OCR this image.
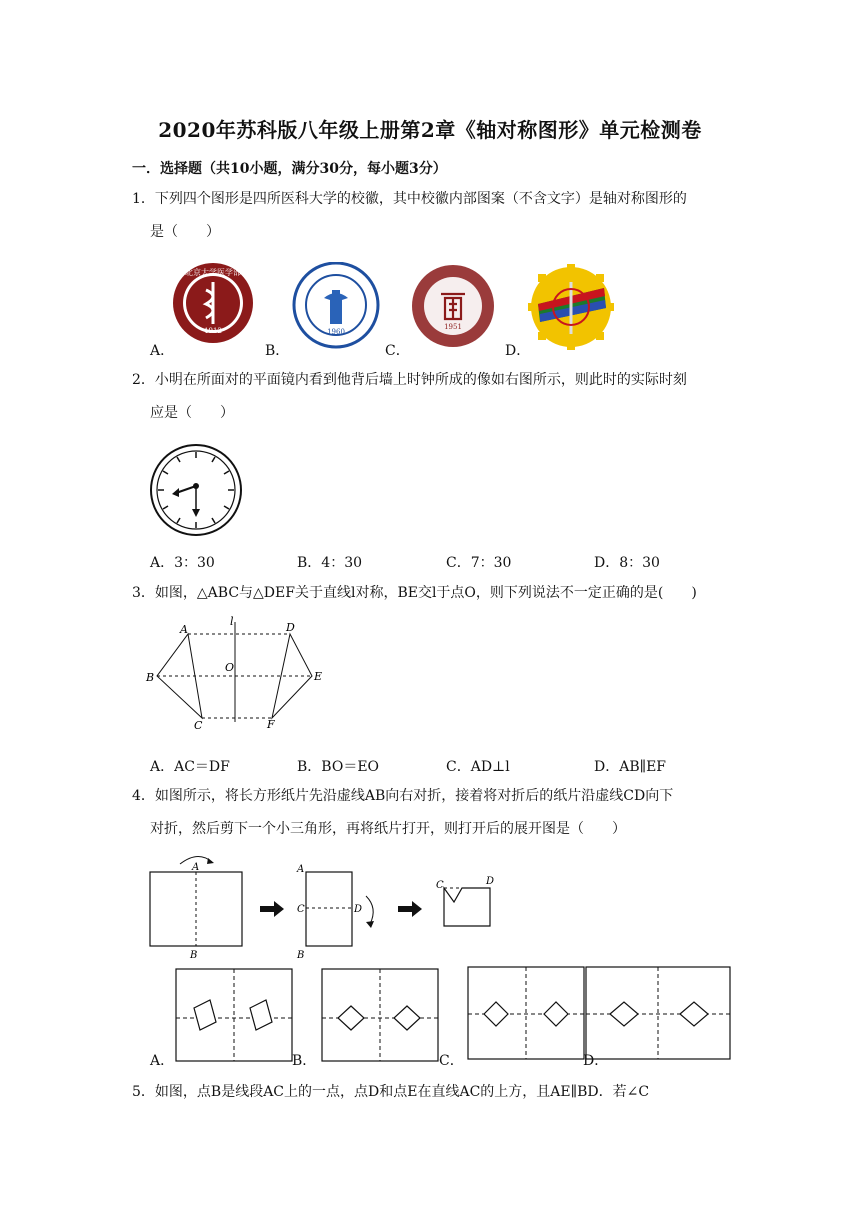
2020年苏科版八年级上册第2章《轴对称图形》单元检测卷
一．选择题（共10小题，满分30分，每小题3分）
1．下列四个图形是四所医科大学的校徽，其中校徽内部图案（不含文字）是轴对称图形的
是（　　）
北京大学医学部
1912	1960
1951
A．	B．	C．	D．
2．小明在所面对的平面镜内看到他背后墙上时钟所成的像如右图所示，则此时的实际时刻
应是（　　）
A．3：30	B．4：30	C．7：30	D．8：30
3．如图，△ABC与△DEF关于直线l对称，BE交l于点O，则下列说法不一定正确的是(　　)
A
B
C
D
E
F
l
O
A．AC＝DF	B．BO＝EO	C．AD⊥l	D．AB∥EF
4．如图所示，将长方形纸片先沿虚线AB向右对折，接着将对折后的纸片沿虚线CD向下
对折，然后剪下一个小三角形，再将纸片打开，则打开后的展开图是（　　）
A
B
A
C	D
B
C	D
A．	B．	C．	D．
5．如图，点B是线段AC上的一点，点D和点E在直线AC的上方，且AE∥BD．若∠C
